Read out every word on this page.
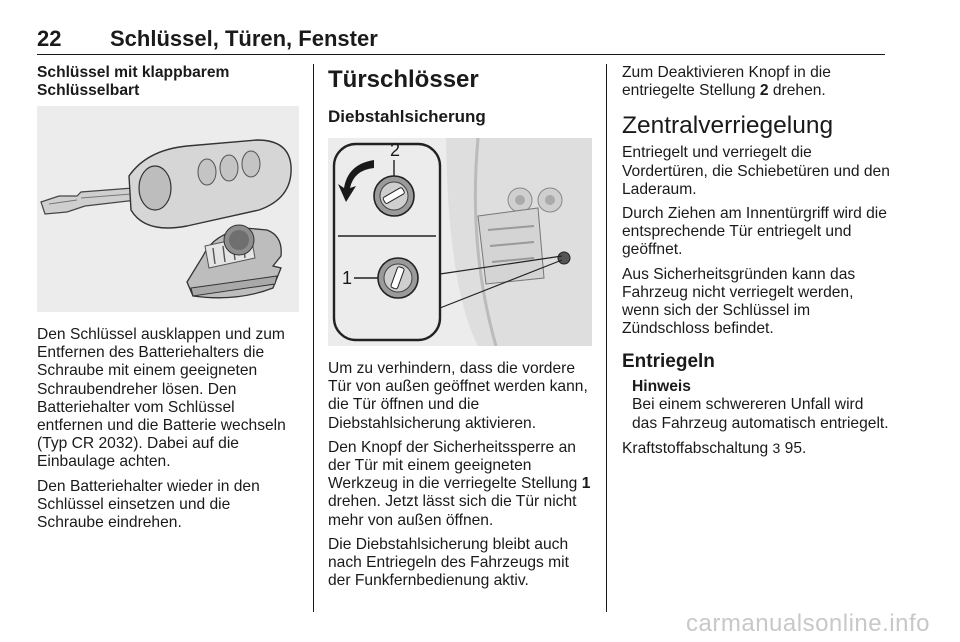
22 Schlüssel, Türen, Fenster
Schlüssel mit klappbarem
Schlüsselbart

Den Schlüssel ausklappen und zum Entfernen des Batteriehalters die Schraube mit einem geeigneten Schraubendreher lösen. Den Batteriehalter vom Schlüssel entfernen und die Batterie wechseln (Typ CR 2032). Dabei auf die Einbaulage achten.

Den Batteriehalter wieder in den Schlüssel einsetzen und die Schraube eindrehen.

Türschlösser
Diebstahlsicherung
2
1

Um zu verhindern, dass die vordere Tür von außen geöffnet werden kann, die Tür öffnen und die Diebstahlsicherung aktivieren.

Den Knopf der Sicherheitssperre an der Tür mit einem geeigneten Werkzeug in die verriegelte Stellung 1 drehen. Jetzt lässt sich die Tür nicht mehr von außen öffnen.

Die Diebstahlsicherung bleibt auch nach Entriegeln des Fahrzeugs mit der Funkfernbedienung aktiv.

Zum Deaktivieren Knopf in die entriegelte Stellung 2 drehen.

Zentralverriegelung

Entriegelt und verriegelt die Vordertüren, die Schiebetüren und den Laderaum.

Durch Ziehen am Innentürgriff wird die entsprechende Tür entriegelt und geöffnet.

Aus Sicherheitsgründen kann das Fahrzeug nicht verriegelt werden, wenn sich der Schlüssel im Zündschloss befindet.

Entriegeln
Hinweis

Bei einem schwereren Unfall wird das Fahrzeug automatisch entriegelt.

Kraftstoffabschaltung 3 95.

carmanualsonline.info
